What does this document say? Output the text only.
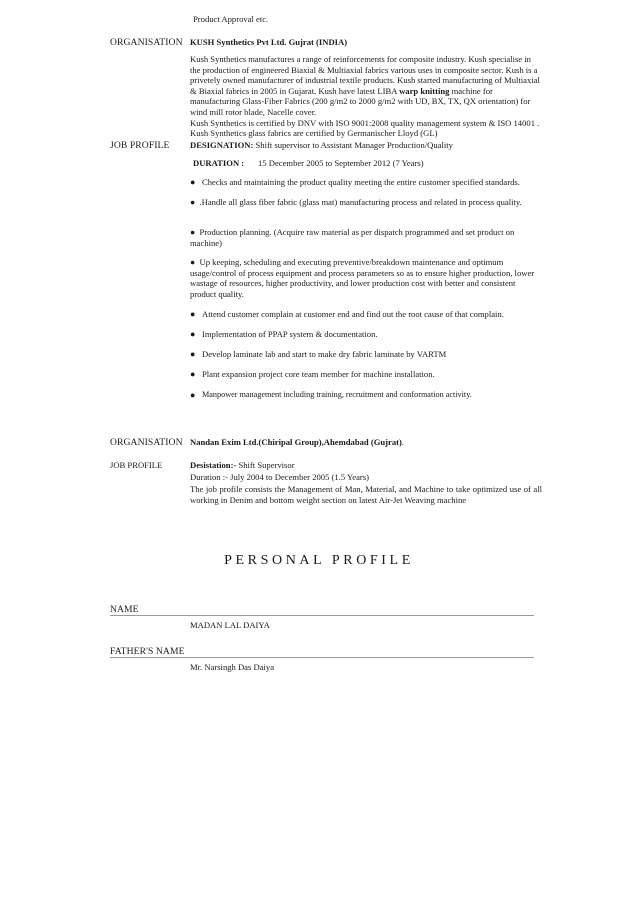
Product Approval etc.
ORGANISATION KUSH Synthetics Pvt Ltd. Gujrat (INDIA)
Kush Synthetics manufactures a range of reinforcements for composite industry. Kush specialise in the production of engineered Biaxial & Multiaxial fabrics various uses in composite sector. Kush is a privetely owned manufacturer of industrial textile products. Kush started manufacturing of Multiaxial & Biaxial fabrics in 2005 in Gujarat. Kush have latest LIBA warp knitting machine for manufacturing Glass-Fiber Fabrics (200 g/m2 to 2000 g/m2 with UD, BX, TX, QX orientation) for wind mill rotor blade, Nacelle cover.
Kush Synthetics is certified by DNV with ISO 9001:2008 quality management system & ISO 14001 .
Kush Synthetics glass fabrics are certified by Germanischer Lloyd (GL)
JOB PROFILE DESIGNATION: Shift supervisor to Assistant Manager Production/Quality
DURATION : 15 December 2005 to September 2012 (7 Years)
● Checks and maintaining the product quality meeting the entire customer specified standards.
●  .Handle all glass fiber fabric (glass mat) manufacturing process and related in process quality.
●  Production planning. (Acquire raw material as per dispatch programmed and set product on machine)
●  Up keeping, scheduling and executing preventive/breakdown maintenance and optimum usage/control of process equipment and process parameters so as to ensure higher production, lower wastage of resources, higher productivity, and lower production cost with better and consistent product quality.
● Attend customer complain at customer end and find out the root cause of that complain.
● Implementation of PPAP system & documentation.
● Develop laminate lab and start to make dry fabric laminate by VARTM
● Plant expansion project core team member for machine installation.
● Manpower management including training, recruitment and conformation activity.
ORGANISATION Nandan Exim Ltd.(Chiripal Group),Ahemdabad (Gujrat).
JOB PROFILE	Desistation:- Shift Supervisor
Duration :- July 2004 to December 2005 (1.5 Years)
The job profile consists the Management of Man, Material, and Machine to take optimized use of all working in Denim and bottom weight section on latest Air-Jet Weaving machine
PERSONAL PROFILE
NAME
MADAN LAL DAIYA
FATHER'S NAME
Mr. Narsingh Das Daiya
